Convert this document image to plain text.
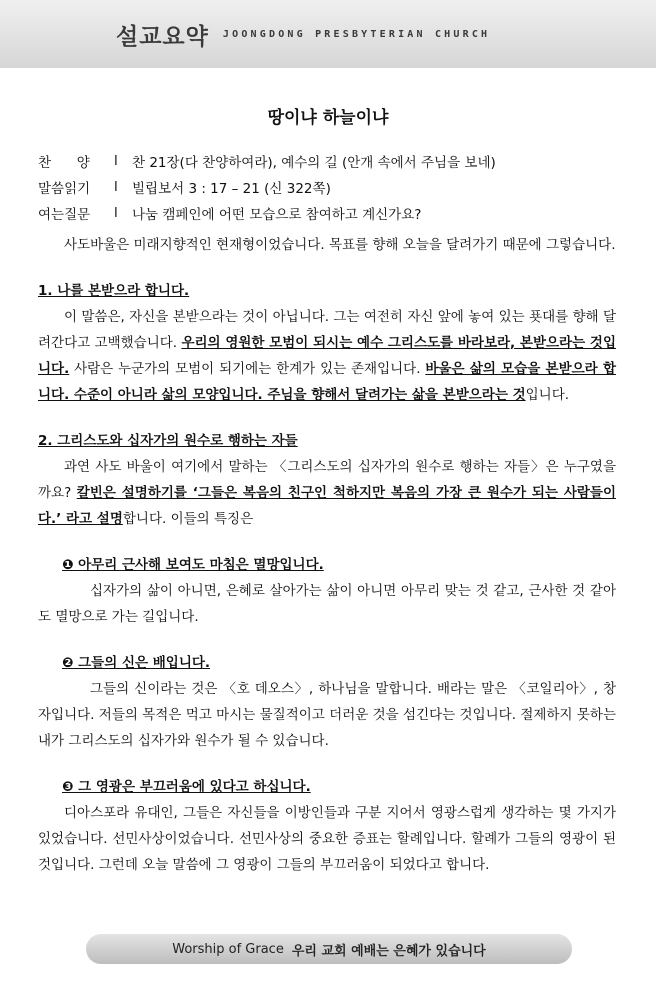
설교요약 JOONGDONG PRESBYTERIAN CHURCH
땅이냐 하늘이냐
찬      양	l	찬 21장(다 찬양하여라), 예수의 길 (안개 속에서 주님을 보네)
말씀읽기	l	빌립보서 3 : 17 – 21 (신 322쪽)
여는질문	l	나눔 캠페인에 어떤 모습으로 참여하고 계신가요?
사도바울은 미래지향적인 현재형이었습니다. 목표를 향해 오늘을 달려가기 때문에 그렇습니다.
1. 나를 본받으라 합니다.
이 말씀은, 자신을 본받으라는 것이 아닙니다. 그는 여전히 자신 앞에 놓여 있는 푯대를 향해 달려간다고 고백했습니다. 우리의 영원한 모범이 되시는 예수 그리스도를 바라보라, 본받으라는 것입니다. 사람은 누군가의 모범이 되기에는 한계가 있는 존재입니다. 바울은 삶의 모습을 본받으라 합니다. 수준이 아니라 삶의 모양입니다. 주님을 향해서 달려가는 삶을 본받으라는 것입니다.
2. 그리스도와 십자가의 원수로 행하는 자들
과연 사도 바울이 여기에서 말하는 〈그리스도의 십자가의 원수로 행하는 자들〉은 누구였을까요? 칼빈은 설명하기를 ‘그들은 복음의 친구인 척하지만 복음의 가장 큰 원수가 되는 사람들이다.’ 라고 설명합니다. 이들의 특징은
❶ 아무리 근사해 보여도 마침은 멸망입니다.
십자가의 삶이 아니면, 은혜로 살아가는 삶이 아니면 아무리 맞는 것 같고, 근사한 것 같아도 멸망으로 가는 길입니다.
❷ 그들의 신은 배입니다.
그들의 신이라는 것은 〈호 데오스〉, 하나님을 말합니다. 배라는 말은 〈코일리아〉, 창자입니다. 저들의 목적은 먹고 마시는 물질적이고 더러운 것을 섬긴다는 것입니다. 절제하지 못하는 내가 그리스도의 십자가와 원수가 될 수 있습니다.
❸ 그 영광은 부끄러움에 있다고 하십니다.
디아스포라 유대인, 그들은 자신들을 이방인들과 구분 지어서 영광스럽게 생각하는 몇 가지가 있었습니다. 선민사상이었습니다. 선민사상의 중요한 증표는 할례입니다. 할례가 그들의 영광이 된 것입니다. 그런데 오늘 말씀에 그 영광이 그들의 부끄러움이 되었다고 합니다.
Worship of Grace 우리 교회 예배는 은혜가 있습니다
